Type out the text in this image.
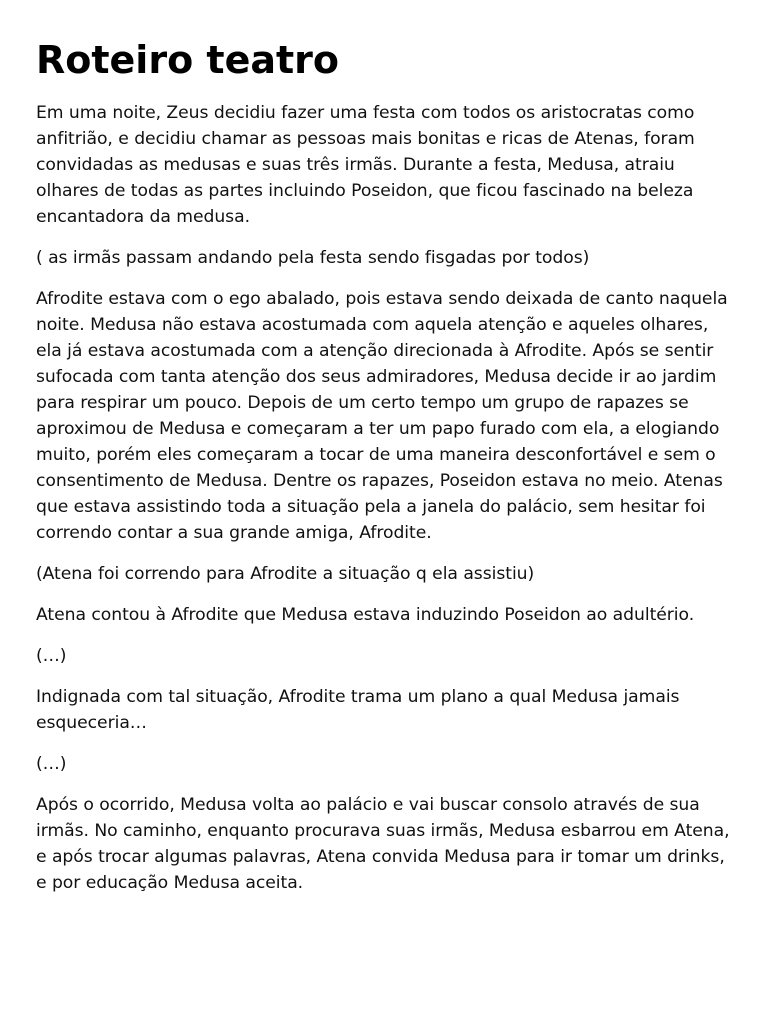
Roteiro teatro

Em uma noite, Zeus decidiu fazer uma festa com todos os aristocratas como anfitrião, e decidiu chamar as pessoas mais bonitas e ricas de Atenas, foram convidadas as medusas e suas três irmãs. Durante a festa, Medusa, atraiu olhares de todas as partes incluindo Poseidon, que ficou fascinado na beleza encantadora da medusa.

( as irmãs passam andando pela festa sendo fisgadas por todos)

Afrodite estava com o ego abalado, pois estava sendo deixada de canto naquela noite. Medusa não estava acostumada com aquela atenção e aqueles olhares, ela já estava acostumada com a atenção direcionada à Afrodite. Após se sentir sufocada com tanta atenção dos seus admiradores, Medusa decide ir ao jardim para respirar um pouco. Depois de um certo tempo um grupo de rapazes se aproximou de Medusa e começaram a ter um papo furado com ela, a elogiando muito, porém eles começaram a tocar de uma maneira desconfortável e sem o consentimento de Medusa. Dentre os rapazes, Poseidon estava no meio. Atenas que estava assistindo toda a situação pela a janela do palácio, sem hesitar foi correndo contar a sua grande amiga, Afrodite.

(Atena foi correndo para Afrodite a situação q ela assistiu)

Atena contou à Afrodite que Medusa estava induzindo Poseidon ao adultério.

(…)

Indignada com tal situação, Afrodite trama um plano a qual Medusa jamais esqueceria…

(…)

Após o ocorrido, Medusa volta ao palácio e vai buscar consolo através de sua irmãs. No caminho, enquanto procurava suas irmãs, Medusa esbarrou em Atena, e após trocar algumas palavras, Atena convida Medusa para ir tomar um drinks, e por educação Medusa aceita.
